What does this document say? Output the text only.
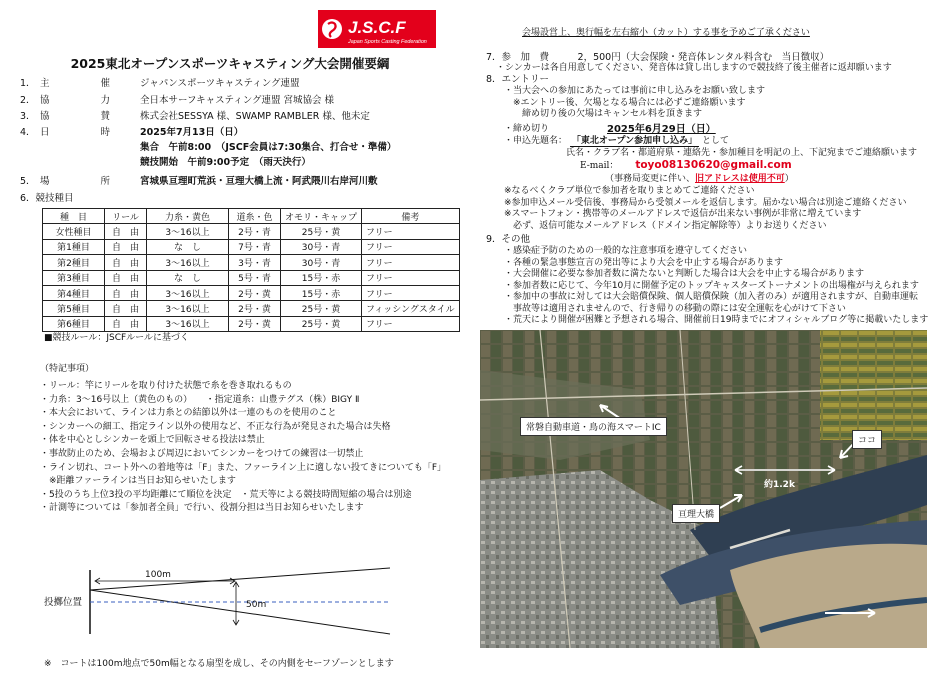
J.S.C.F
Japan Sports Casting Federation
2025東北オープンスポーツキャスティング大会開催要綱
1． 主	催	ジャパンスポーツキャスティング連盟
2． 協	力	全日本サーフキャスティング連盟 宮城協会 様
3． 協	賛	株式会社SESSYA 様、SWAMP RAMBLER 様、他未定
4． 日	時	2025年7月13日（日）
集合　午前8:00　（JSCF会員は7:30集合、打合せ・準備）
競技開始　午前9:00予定　（雨天決行）
5． 場	所	宮城県亘理町荒浜・亘理大橋上流・阿武隈川右岸河川敷
6．競技種目
種　目	リール	力糸・黄色	道糸・色	オモリ・キャップ	備考
女性種目	自　由	3～16以上	2号・青	25号・黄	フリー
第1種目	自　由	な　し	7号・青	30号・青	フリー
第2種目	自　由	3～16以上	3号・青	30号・青	フリー
第3種目	自　由	な　し	5号・青	15号・赤	フリー
第4種目	自　由	3～16以上	2号・黄	15号・赤	フリー
第5種目	自　由	3～16以上	2号・黄	25号・黄	フィッシングスタイル
第6種目	自　由	3～16以上	2号・黄	25号・黄	フリー
■競技ルール：JSCFルールに基づく
（特記事項）
・リール：竿にリールを取り付けた状態で糸を巻き取れるもの
・力糸：3～16号以上（黄色のもの）　　・指定道糸：山豊テグス（株）BIGY Ⅱ
・本大会において、ラインは力糸との結節以外は一連のものを使用のこと
・シンカーへの細工、指定ライン以外の使用など、不正な行為が発見された場合は失格
・体を中心としシンカーを頭上で回転させる投法は禁止
・事故防止のため、会場および周辺においてシンカーをつけての練習は一切禁止
・ライン切れ、コート外への着地等は「F」また、ファーライン上に適しない投てきについても「F」
　※距離ファーラインは当日お知らせいたします
・5投のうち上位3投の平均距離にて順位を決定　・荒天等による競技時間短縮の場合は別途
・計測等については「参加者全員」で行い、役割分担は当日お知らせいたします
100m
50m
投擲位置
※　コートは100m地点で50m幅となる扇型を成し、その内側をセーフゾーンとします
会場設営上、奥行幅を左右縮小（カット）する事を予めご了承ください
7．参　加　費　　　2，500円（大会保険・発音体レンタル料含む　当日徴収）
・シンカーは各自用意してください、発音体は貸し出しますので競技終了後主催者に返却願います
8．エントリー
・当大会への参加にあたっては事前に申し込みをお願い致します
　※エントリー後、欠場となる場合には必ずご連絡願います
　　締め切り後の欠場はキャンセル料を頂きます
・締め切り	2025年6月29日（日）
・申込先題名： 「東北オープン参加申し込み」 として
氏名・クラブ名・都道府県・連絡先・参加種目を明記の上、下記宛までご連絡願います
E-mail： toyo08130620@gmail.com
（事務局変更に伴い、旧アドレスは使用不可）
※なるべくクラブ単位で参加者を取りまとめてご連絡ください
※参加申込メール受信後、事務局から受領メールを返信します。届かない場合は別途ご連絡ください
※スマートフォン・携帯等のメールアドレスで返信が出来ない事例が非常に増えています
　必ず、返信可能なメールアドレス（ドメイン指定解除等）よりお送りください
9．その他
・感染症予防のための一般的な注意事項を遵守してください
・各種の緊急事態宣言の発出等により大会を中止する場合があります
・大会開催に必要な参加者数に満たないと判断した場合は大会を中止する場合があります
・参加者数に応じて、今年10月に開催予定のトップキャスターズトーナメントの出場権が与えられます
・参加中の事故に対しては大会賠償保険、個人賠償保険（加入者のみ）が適用されますが、自動車運転
　事故等は適用されませんので、行き帰りの移動の際には安全運転を心がけて下さい
・荒天により開催が困難と予想される場合、開催前日19時までにオフィシャルブログ等に掲載いたします
常磐自動車道・鳥の海スマートIC
ココ
約1.2k
亘理大橋
